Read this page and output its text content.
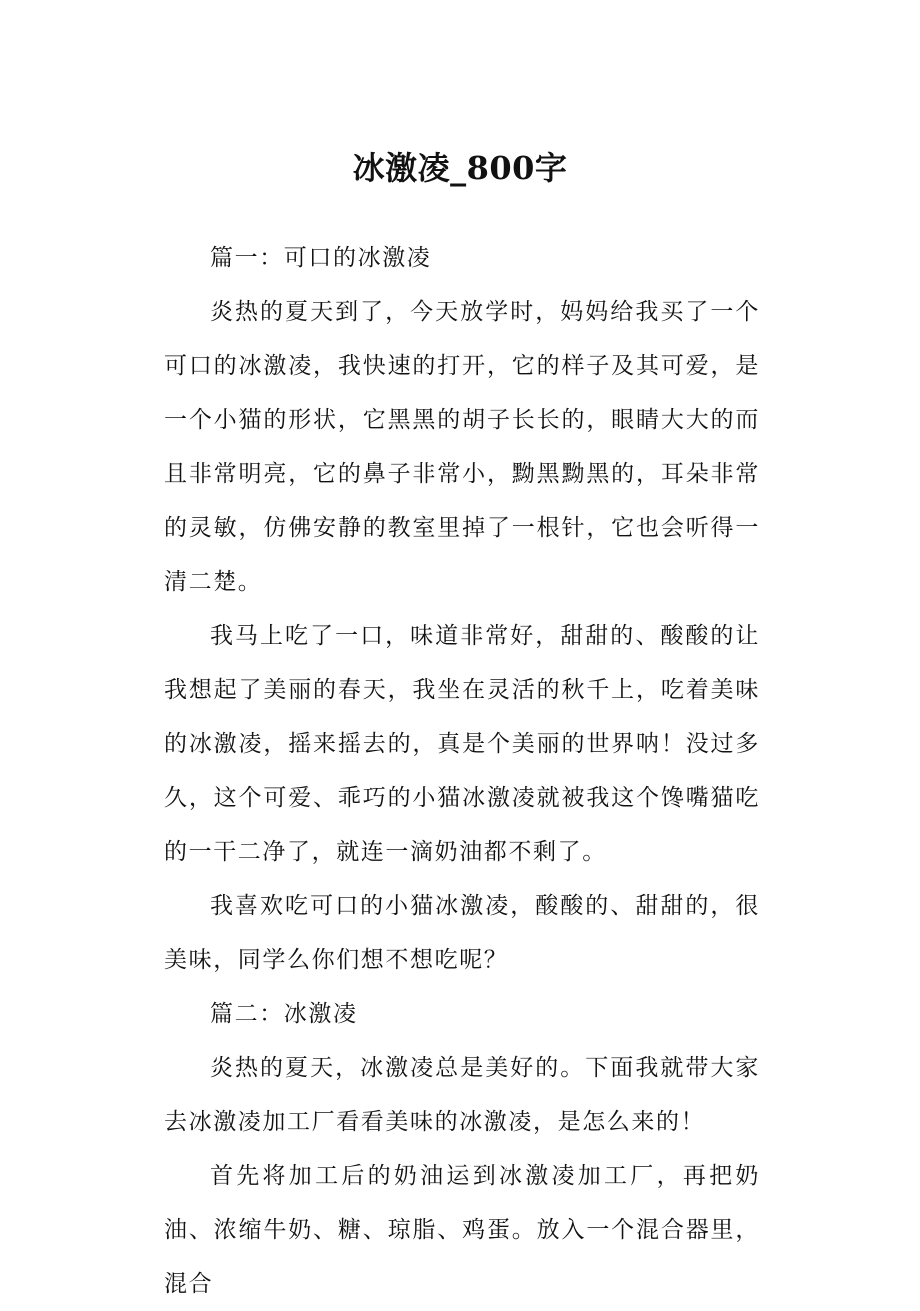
冰激凌_800字

篇一：可口的冰激凌

炎热的夏天到了，今天放学时，妈妈给我买了一个可口的冰激凌，我快速的打开，它的样子及其可爱，是一个小猫的形状，它黑黑的胡子长长的，眼睛大大的而且非常明亮，它的鼻子非常小，黝黑黝黑的，耳朵非常的灵敏，仿佛安静的教室里掉了一根针，它也会听得一清二楚。

我马上吃了一口，味道非常好，甜甜的、酸酸的让我想起了美丽的春天，我坐在灵活的秋千上，吃着美味的冰激凌，摇来摇去的，真是个美丽的世界呐！没过多久，这个可爱、乖巧的小猫冰激凌就被我这个馋嘴猫吃的一干二净了，就连一滴奶油都不剩了。

我喜欢吃可口的小猫冰激凌，酸酸的、甜甜的，很美味，同学么你们想不想吃呢？

篇二：冰激凌

炎热的夏天，冰激凌总是美好的。下面我就带大家去冰激凌加工厂看看美味的冰激凌，是怎么来的！

首先将加工后的奶油运到冰激凌加工厂，再把奶油、浓缩牛奶、糖、琼脂、鸡蛋。放入一个混合器里，混合
